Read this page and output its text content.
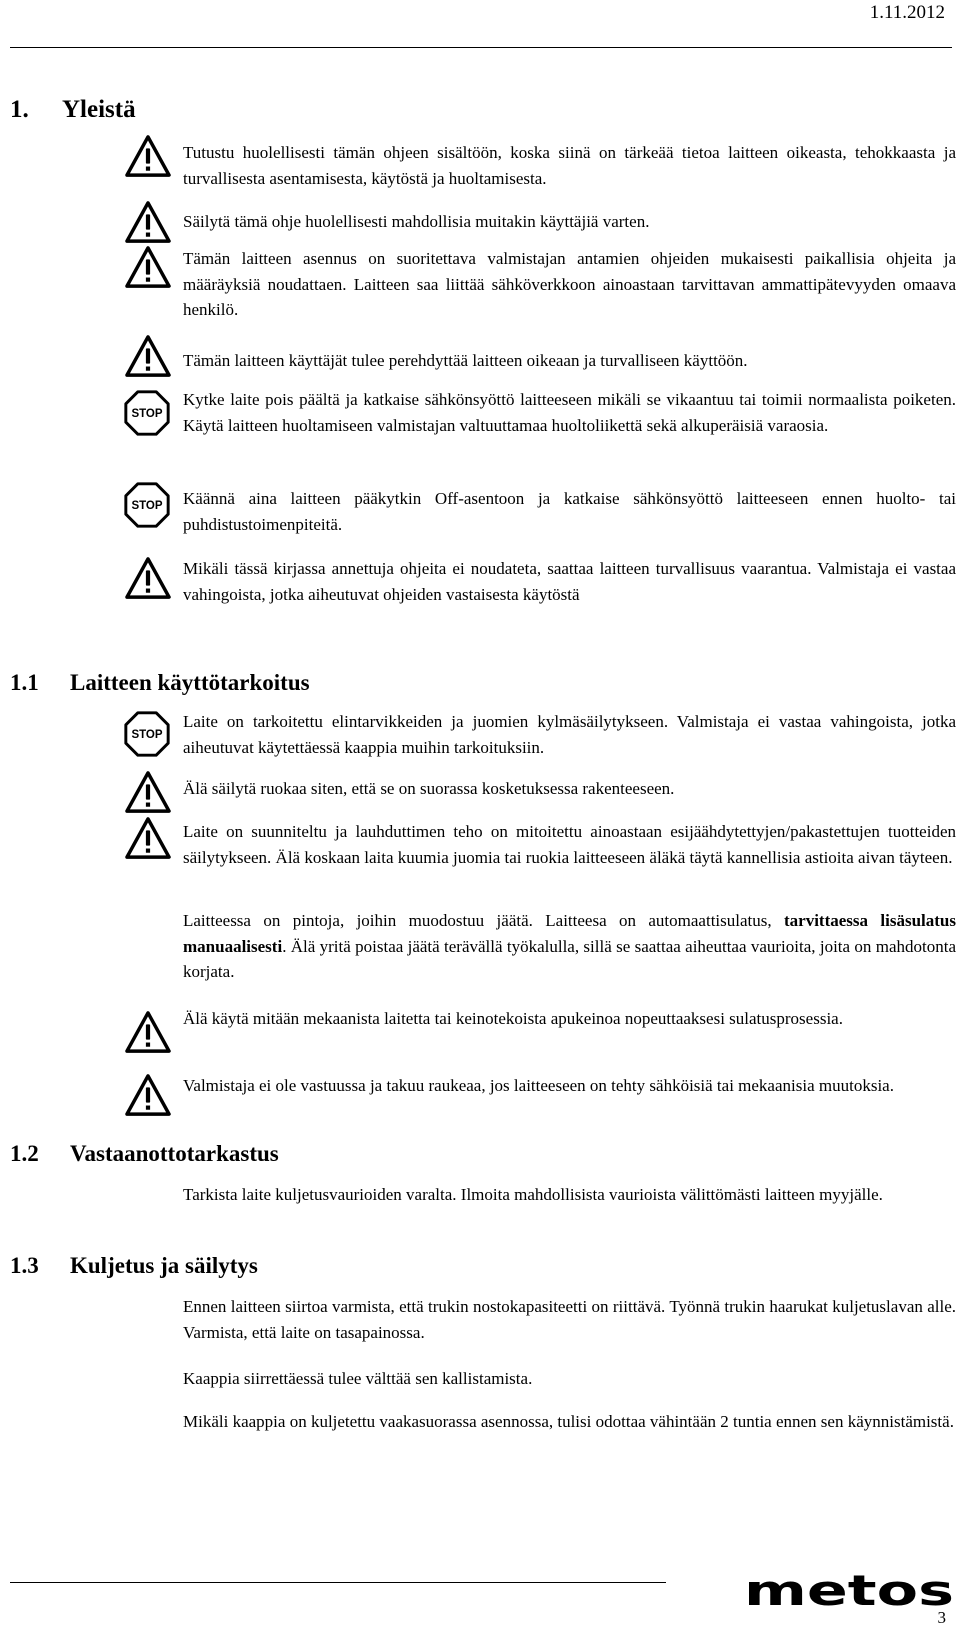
1.11.2012
1. Yleistä

Tutustu huolellisesti tämän ohjeen sisältöön, koska siinä on tärkeää tietoa laitteen oikeasta, tehokkaasta ja turvallisesta asentamisesta, käytöstä ja huoltamisesta.

Säilytä tämä ohje huolellisesti mahdollisia muitakin käyttäjiä varten.

Tämän laitteen asennus on suoritettava valmistajan antamien ohjeiden mukaisesti paikallisia ohjeita ja määräyksiä noudattaen. Laitteen saa liittää sähköverkkoon ainoastaan tarvittavan ammattipätevyyden omaava henkilö.

Tämän laitteen käyttäjät tulee perehdyttää laitteen oikeaan ja turvalliseen käyttöön.

Kytke laite pois päältä ja katkaise sähkönsyöttö laitteeseen mikäli se vikaantuu tai toimii normaalista poiketen. Käytä laitteen huoltamiseen valmistajan valtuuttamaa huoltoliikettä sekä alkuperäisiä varaosia.

Käännä aina laitteen pääkytkin Off-asentoon ja katkaise sähkönsyöttö laitteeseen ennen huolto- tai puhdistustoimenpiteitä.

Mikäli tässä kirjassa annettuja ohjeita ei noudateta, saattaa laitteen turvallisuus vaarantua. Valmistaja ei vastaa vahingoista, jotka aiheutuvat ohjeiden vastaisesta käytöstä

1.1 Laitteen käyttötarkoitus

Laite on tarkoitettu elintarvikkeiden ja juomien kylmäsäilytykseen. Valmistaja ei vastaa vahingoista, jotka aiheutuvat käytettäessä kaappia muihin tarkoituksiin.

Älä säilytä ruokaa siten, että se on suorassa kosketuksessa rakenteeseen.

Laite on suunniteltu ja lauhduttimen teho on mitoitettu ainoastaan esijäähdytettyjen/pakastettujen tuotteiden säilytykseen. Älä koskaan laita kuumia juomia tai ruokia laitteeseen äläkä täytä kannellisia astioita aivan täyteen.

Laitteessa on pintoja, joihin muodostuu jäätä. Laitteesa on automaattisulatus, tarvittaessa lisäsulatus manuaalisesti. Älä yritä poistaa jäätä terävällä työkalulla, sillä se saattaa aiheuttaa vaurioita, joita on mahdotonta korjata.

Älä käytä mitään mekaanista laitetta tai keinotekoista apukeinoa nopeuttaaksesi sulatusprosessia.

Valmistaja ei ole vastuussa ja takuu raukeaa, jos laitteeseen on tehty sähköisiä tai mekaanisia muutoksia.

1.2 Vastaanottotarkastus

Tarkista laite kuljetusvaurioiden varalta. Ilmoita mahdollisista vaurioista välittömästi laitteen myyjälle.

1.3 Kuljetus ja säilytys

Ennen laitteen siirtoa varmista, että trukin nostokapasiteetti on riittävä. Työnnä trukin haarukat kuljetuslavan alle. Varmista, että laite on tasapainossa.

Kaappia siirrettäessä tulee välttää sen kallistamista.

Mikäli kaappia on kuljetettu vaakasuorassa asennossa, tulisi odottaa vähintään 2 tuntia ennen sen käynnistämistä.

metos
3
